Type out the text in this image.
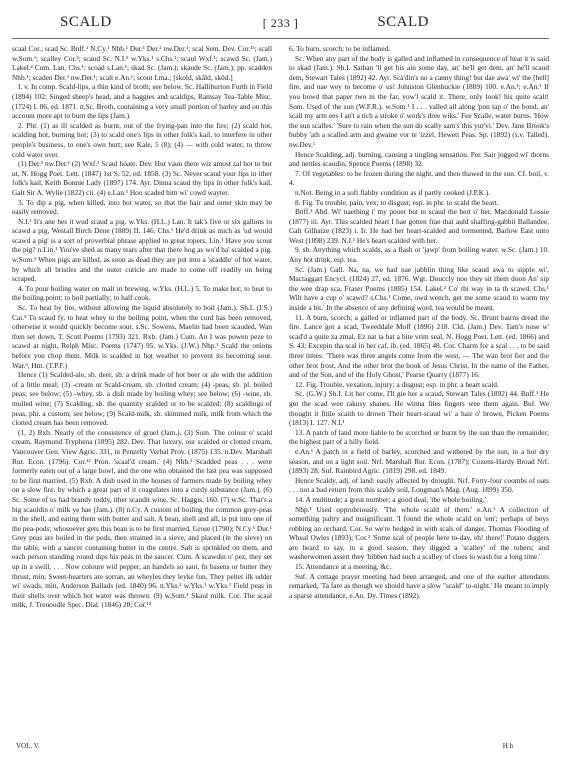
SCALD	[ 233 ]	SCALD

scaal Cor.; scad Sc. Bnff.¹ N.Cy.¹ Nhb.¹ Dur.¹ Der.² nw.Der.¹; scal Sem. Dev. Cor.¹³; scall w.Som.¹; scalley Cor.³; scaud Sc. N.I.¹ w.Yks.¹ s.Chs.¹; scaul Wxf.¹; scawd Sc. (Jam.) Lakel.² Cum. Lan. Chs.¹; scoad s.Lan.¹; skad Sc. (Jam.); skaude Sc. (Jam.); pp. scadden Nhb.¹; scaden Der.² nw.Der.¹; scalt e.An.¹; scout I.ma.; [skold, skāld, skōd.]

I. v. In comp. Scald-lips, a thin kind of broth; see below. Sc. Halliburton Furth in Field (1894) 102; Singed sheep's head, and a haggies and scaldips, Ramsay Tea-Table Misc. (1724) I. 86, ed. 1871. n.Sc. Broth, containing a very small portion of barley and on this account more apt to burn the lips (Jam.).

2. Phr. (1) as ill scalded as burnt, out of the frying-pan into the fire; (2) scald hot, scalding hot, burning hot; (3) to scald one's lips in other folk's kail, to interfere in other people's business, to one's own hurt; see Kale, 5 (8); (4) — with cold water, to throw cold water over.

(1) Der.² nw.Der.¹ (2) Wxf.¹ Scaul hoate. Dev. Hur vaun there wiz amost zal hot to bur ut, N. Hogg Poet. Lett. (1847) 1st S. 52, ed. 1858. (3) Sc. Never scaud your lips in ither folk's kail, Keith Bonnie Lady (1897) 174. Ayr. Dinna scaud thy lips in other folk's kail, Galt Sir A. Wylie (1822) cii. (4) e.Lan.¹ Hoo scaded him wi' cowd wayter.

3. To dip a pig, when killed, into hot water, so that the hair and outer skin may be easily removed.

N.I.¹ It's ane hes it wud scaud a pig. w.Yks. (H.L.) Lan. It tak's five or six gallons to scawd a pig, Westall Birch Dene (1889) II. 146. Chs.¹ He'd drink as mich as 'ud would scawd a pig' is a sort of proverbial phrase applied to great topers. Lin.¹ Have you scout the pig? n.Lin.¹ You've shed as many tears after that there hog as wo'd ha' scalded a pig. w.Som.¹ When pigs are killed, as soon as dead they are put into a 'scaddle' of hot water, by which all bristles and the outer cuticle are made to come off readily on being scraped.

4. To pour boiling water on malt in brewing. w.Yks. (H.L.) 5. To make hot; to heat to the boiling point; to boil partially; to half cook.

Sc. To heat by fire, without allowing the liquid absolutely to boil (Jam.). Sh.I. (J.S.) Cai.¹ To scaud fy, to heat whey to the boiling point, when the curd has been removed, otherwise it would quickly become sour. s.Sc. Sowens, Maelin had been scauded, Wan then set down, T. Scott Poems (1793) 321. Rxb. (Jam.) Cum. An I was powen peze to scawd at night, Relph Misc. Poems (1747) 95. w.Yks. (J.W.) Nhp.¹ Scald the onions before you chop them. Milk is scalded in hot weather to prevent its becoming sour. War.³, Hnt. (T.P.F.)

Hence (1) Scalded-ale, sb. deer, sb. a drink made of hot beer or ale with the addition of a little meal; (3) -cream or Scald-cream, sb. clotted cream; (4) -peas, sb. pl. boiled peas; see below; (5) -whey, sb. a dish made by boiling whey; see below; (6) -wine, sb. mulled wine; (7) Scalding, sb. the quantity scalded or to be scalded; (8) scaldings of peas, phr. a custom; see below; (9) Scald-milk, sb. skimmed milk, milk from which the clotted cream has been removed.

(1, 2) Rxb. Nearly of the consistence of gruel (Jam.). (3) Som. The colour o' scald cream, Raymond Tryphena (1895) 282. Dev. That luxury, our scalded or clotted cream, Vancouver Gen. View Agric. 331, in Penzelly Verbal Prov. (1875) 135. n.Dev. Marshall Rur. Econ. (1796). Cor.¹² Pron. 'scaal'd cream.' (4) Nhb.¹ Scadded peas . . . were formerly eaten out of a large bowl, and the one who obtained the last pea was supposed to be first married. (5) Rxb. A dish used in the houses of farmers made by boiling whey on a slow fire, by which a great part of it coagulates into a curdy substance (Jam.). (6) Sc. Some of us had brandy toddy, ither scaudit wine, Sc. Haggis, 160. (7) w.Sc. That's a big scauldin o' milk ye hae (Jam.). (8) n.Cy. A custom of boiling the common grey-peas in the shell, and eating them with butter and salt. A bean, shell and all, is put into one of the pea-pods; whosoever gets this bean is to be first married, Grose (1790); N.Cy.¹ Dur.¹ Grey peas are boiled in the pods, then strained in a sieve, and placed (in the sieve) on the table, with a saucer containing butter in the centre. Salt is sprinkled on them, and each person standing round dips his peas in the saucer. Cum. A scawdin o' pez, they set up in a swill, . . . Now coloure wid pepper, an handels so saut, fn basens or butter they thrust, min; Sweet-hearters are sorran, an wheyles they leyke fun, They peltet ilk udder wi' swads, min, Anderson Ballads (ed. 1840) 96. n.Yks.² w.Yks.¹ w.Yks.¹ Field peas in their shells over which hot water was thrown. (9) w.Som.¹ Skaul milk. Cor. The scaal milk, J. Trenoodle Spec. Dial. (1846) 20; Cor.¹²

6. To burn, scorch; to be inflamed.

Sc. When any part of the body is galled and inflamed in consequence of heat it is said to skad (Jam.). Sh.I. Sathan 'll get his ain some day, an' he'll get dem, an' he'll scaud dem, Stewart Tales (1892) 42. Ayr. Sca'din's no a canny thing! but dae awa' wi' the [hell] fire, and nae wey to become o' us! Johnston Glenbuckie (1889) 100. e.An.¹; e.An.² If you bowd that paper two ni the far, yow'l scald it. There, only look! his quite scalt! Som. Used of the sun (W.F.R.). w.Som.¹ I . . . valled all along 'pon tap o' the bond, an' scall my arm ees I an't a tich a stroke o' work's dree wiks.' Fee Scalle, water burns. 'How the sun scalles.' 'Sure to rain when the sun do scally sam's this yur'vi.' Dev. Jane Brook's bubby 'ath a scalled arm and gwaine vor te 'izzel, Hewett Peas. Sp. (1892) (s.v. Talled). nw.Dev.¹

Hence Scalding, adj. burning, causing a tingling sensation. Per. Sair jogged wi' thorns and nettles scaudin, Spence Poems (1898) 32.

7. Of vegetables: to be frozen during the night, and then thawed in the sun. Cf. boil, v. 4.

n.Not. Being in a soft flabby condition as if partly cooked (J.P.K.).

8. Fig. To trouble, pain, vex; to disgust; esp. in phr. to scald the heart.

Bnff.¹ Abd. Wi' naething i' my pooer but to scaud the hert o' her, Macdonald Lossie (1877) iii. Ayr. This scalded heart I hae gotten frae that auld shaffing-gabbit Ballandee, Galt Gilhaize (1823) i. Ir. He had her heart-scalded and tormented, Barlow East unto West (1898) 239. N.I.¹ He's heart scalded with her.

9. sb. Anything which scalds, as a flash or 'jawp' from boiling water. w.Sc. (Jam.) 10. Any hot drink, esp. tea.

Sc. (Jam.) Gall. Na, na, we had nae jabblin thing like scaud awa to sipple wi', Mactaggart Encycl. (1824) 27, ed. 1876. Wgt. Douccly noo they sit them doon An' sip the wee drap sca, Fraser Poems (1885) 154. Lakel.² Co' thi way in ta th scawd. Chs.¹ Wilt have a cup o' scawd? s.Chs.¹ Come, owd wench, get me some scaud to warm my inside a bit.' In the absence of any defining word, tea would be meant.

11. A burn, scorch; a galled or inflamed part of the body. Sc. Brunt bairns dread the fire. Lance got a scad, Tweeddale Moff (1896) 218. Cld. (Jam.) Dev. Tam's nose w' scad'd a quite za zmal, Ez nat ta bat a bite vrim seal, N. Hogg Poet. Lett. (ed. 1866) and S. 43; Excepin tha scal in her caf, ib. (ed. 1865) 48. Cor. Charm for a scal . . . to be said three times: 'There was three angels come from the west, — The wan brot fier and the other brot frost, And the other brot the book of Jesus Christ. In the name of the Father, and of the Son, and of the Holy Ghost,' Pearse Quarry (1877) 16.

12. Fig. Trouble, vexation, injury; a disgust; esp. in phr. a heart scald.

Sc. (G.W.) Sh.I. Lit her come, I'll gie her a scaud, Stewart Tales (1892) 44. Bnff.¹ He got the scad wee rakusy shanes. He winna files fingers wee them again. Buf. We thought it fitile scaith to drown Their heart-scaud wi' a hair o' brown, Picken Poems (1813) I. 127. N.I.¹

13. A patch of land more liable to be scorched or burnt by the sun than the remainder; the highest part of a hilly field.

e.An.¹ A patch in a field of barley, scorched and withered by the sun, in a hot dry season, and on a light soil. Nrf. Marshall Rur. Econ. (1787); Cozens-Hardy Broad Nrf. (1893) 28. Suf. Rainbird Agric. (1819) 298, ed. 1849.

Hence Scaldy, adj. of land: easily affected by drought. Nrf. Forty-four coombs of oats . . . not a bad return from this scaldy soil, Longman's Mag. (Aug. 1899) 350.

14. A multitude; a great number; a good deal; 'the whole boiling.'

Nhp.¹ Used opprobriously. 'The whole scald of them.' e.An.¹ A collection of something paltry and insignificant. 'I found the whole scald on 'em'; perhaps of boys robbing an orchard. Cor. So we're hedged in with scals of danger, Thomas Flooding of Wheal Owles (1893); Cor.³ 'Some scal of people here to-day, eh! there!' Potato diggers are heard to say, in a good season, they digged a 'scalley' of the tubers; and washerwomen assert they 'hibben had such a scalley of cloes to wash fur a long time.'

15. Attendance at a meeting, &c.

Suf. A cottage prayer meeting had been arranged, and one of the earlier attendants remarked, 'Ta fare as though we should have a slow "scald" to-night.' He meant to imply a sparse attendance, e.An. Dy. Times (1892).

VOL. V.	H h
